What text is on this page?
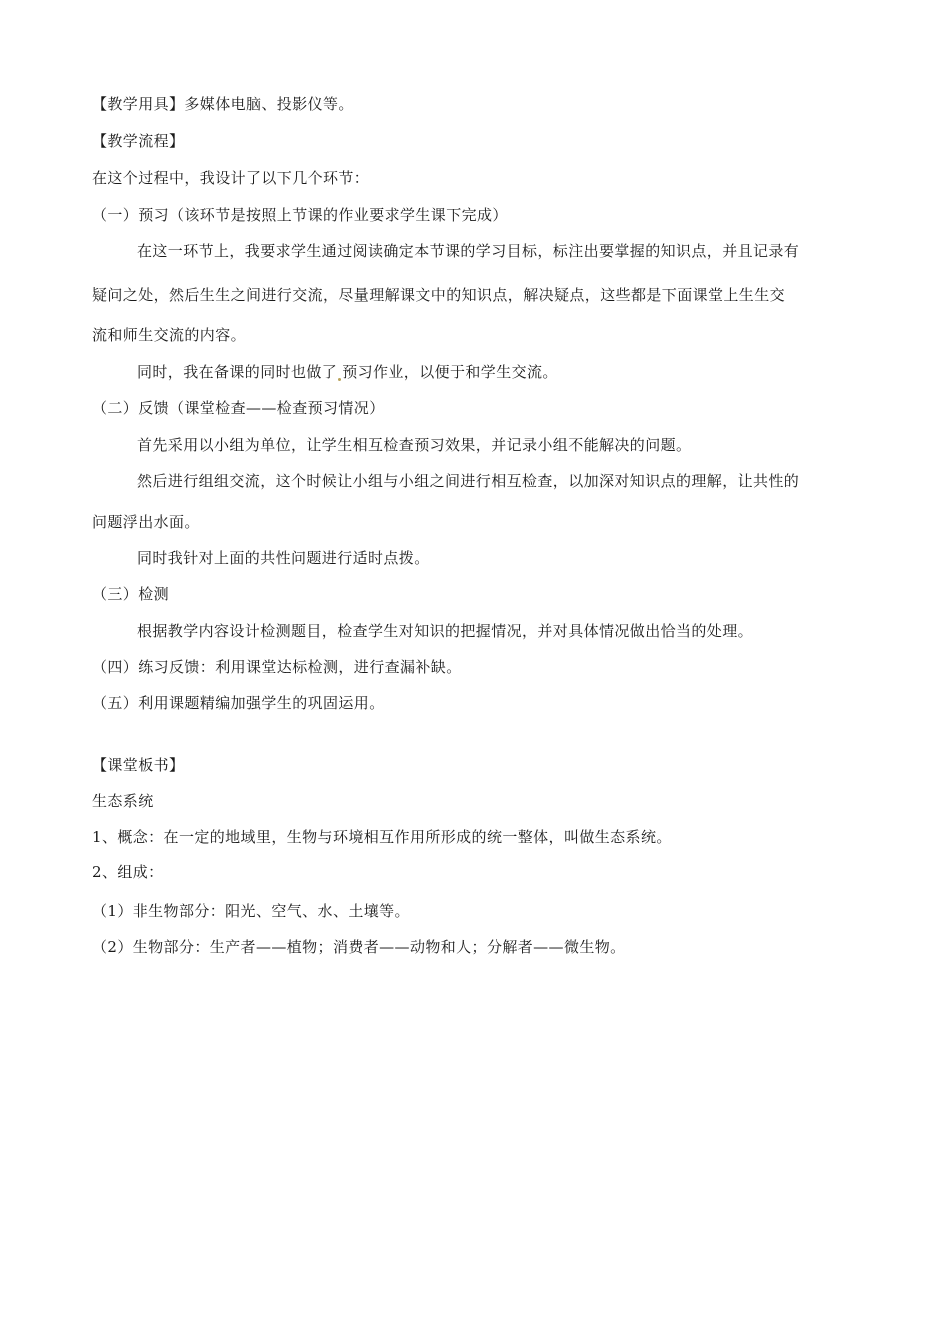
【教学用具】多媒体电脑、投影仪等。
【教学流程】
在这个过程中，我设计了以下几个环节：
（一）预习（该环节是按照上节课的作业要求学生课下完成）
在这一环节上，我要求学生通过阅读确定本节课的学习目标，标注出要掌握的知识点，并且记录有
疑问之处，然后生生之间进行交流，尽量理解课文中的知识点，解决疑点，这些都是下面课堂上生生交
流和师生交流的内容。
同时，我在备课的同时也做了 预习作业，以便于和学生交流。
（二）反馈（课堂检查——检查预习情况）
首先采用以小组为单位，让学生相互检查预习效果，并记录小组不能解决的问题。
然后进行组组交流，这个时候让小组与小组之间进行相互检查，以加深对知识点的理解，让共性的
问题浮出水面。
同时我针对上面的共性问题进行适时点拨。
（三）检测
根据教学内容设计检测题目，检查学生对知识的把握情况，并对具体情况做出恰当的处理。
（四）练习反馈：利用课堂达标检测，进行查漏补缺。
（五）利用课题精编加强学生的巩固运用。
【课堂板书】
生态系统
1、概念：在一定的地域里，生物与环境相互作用所形成的统一整体，叫做生态系统。
2、组成：
（1）非生物部分：阳光、空气、水、土壤等。
（2）生物部分：生产者——植物；消费者——动物和人；分解者——微生物。
